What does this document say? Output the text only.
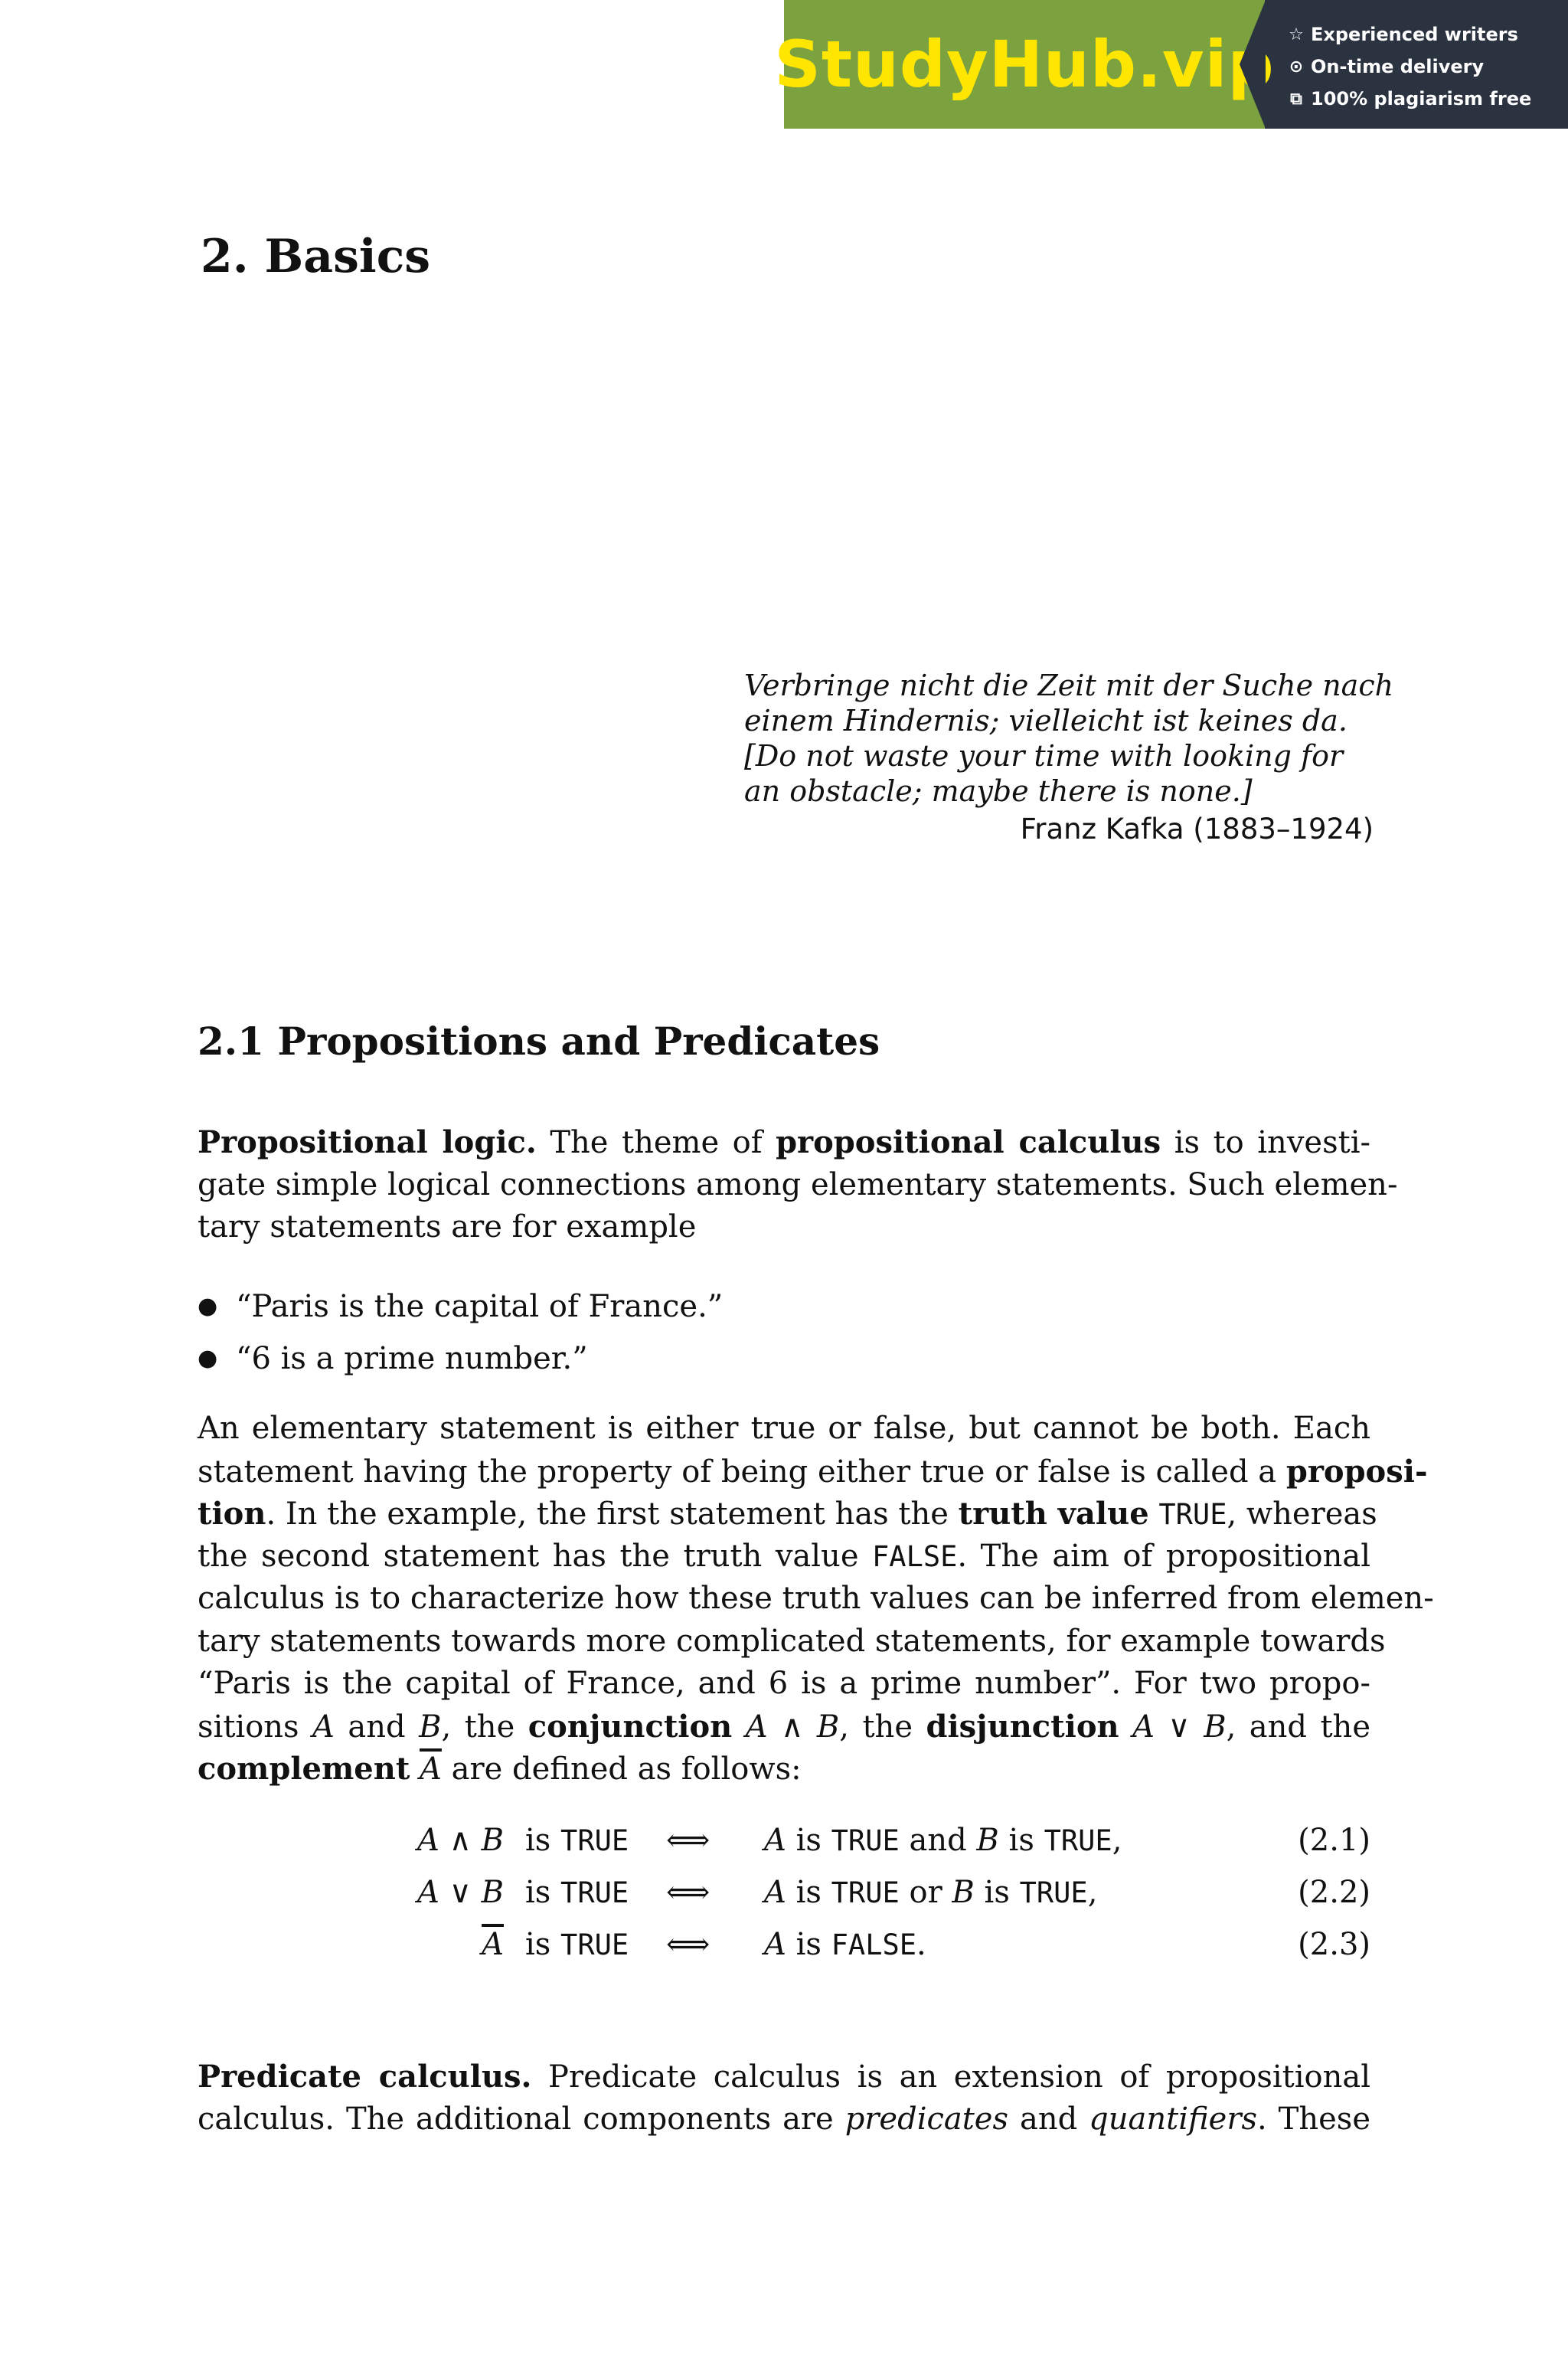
StudyHub.vip ☆ Experienced writers
⊙ On-time delivery
⧉ 100% plagiarism free
2. Basics
Verbringe nicht die Zeit mit der Suche nach
einem Hindernis; vielleicht ist keines da.
[Do not waste your time with looking for
an obstacle; maybe there is none.]
Franz Kafka (1883–1924)
2.1 Propositions and Predicates
Propositional logic. The theme of propositional calculus is to investi-
gate simple logical connections among elementary statements. Such elemen-
tary statements are for example
● “Paris is the capital of France.”
● “6 is a prime number.”
An elementary statement is either true or false, but cannot be both. Each
statement having the property of being either true or false is called a proposi-
tion. In the example, the first statement has the truth value TRUE, whereas
the second statement has the truth value FALSE. The aim of propositional
calculus is to characterize how these truth values can be inferred from elemen-
tary statements towards more complicated statements, for example towards
“Paris is the capital of France, and 6 is a prime number”. For two propo-
sitions A and B, the conjunction A ∧ B, the disjunction A ∨ B, and the
complement $\overline{A}$ are defined as follows:
A ∧ B is TRUE ⟺ A is TRUE and B is TRUE,	(2.1)
A ∨ B is TRUE ⟺ A is TRUE or B is TRUE,	(2.2)
$\overline{A}$ is TRUE ⟺ A is FALSE.	(2.3)
Predicate calculus. Predicate calculus is an extension of propositional
calculus. The additional components are predicates and quantifiers. These
